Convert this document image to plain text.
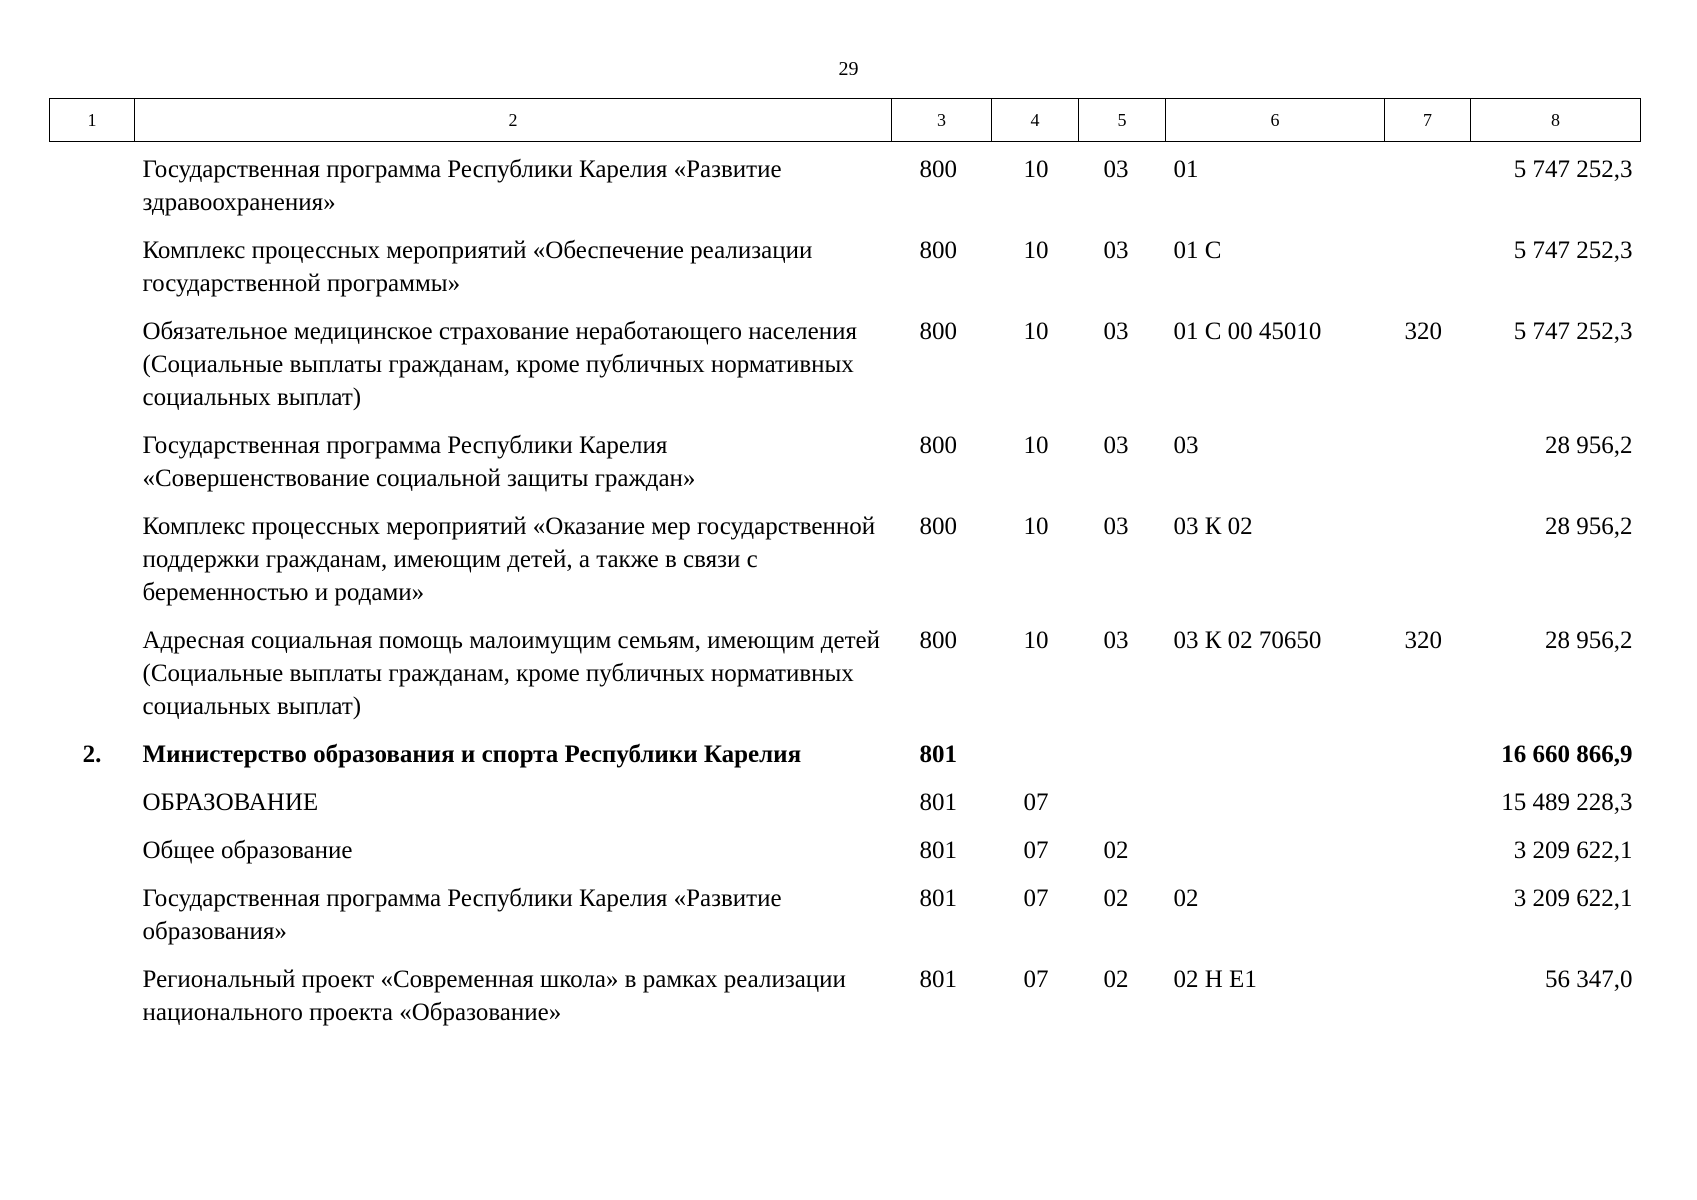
29
1	2	3	4	5	6	7	8
	Государственная программа Республики Карелия «Развитие здравоохранения»	800	10	03	01		5 747 252,3
	Комплекс процессных мероприятий «Обеспечение реализации государственной программы»	800	10	03	01 С		5 747 252,3
	Обязательное медицинское страхование неработающего населения (Социальные выплаты гражданам, кроме публичных нормативных социальных выплат)	800	10	03	01 С 00 45010	320	5 747 252,3
	Государственная программа Республики Карелия «Совершенствование социальной защиты граждан»	800	10	03	03		28 956,2
	Комплекс процессных мероприятий «Оказание мер государственной поддержки гражданам, имеющим детей, а также в связи с беременностью и родами»	800	10	03	03 К 02		28 956,2
	Адресная социальная помощь малоимущим семьям, имеющим детей (Социальные выплаты гражданам, кроме публичных нормативных социальных выплат)	800	10	03	03 К 02 70650	320	28 956,2
2.	Министерство образования и спорта Республики Карелия	801					16 660 866,9
	ОБРАЗОВАНИЕ	801	07				15 489 228,3
	Общее образование	801	07	02			3 209 622,1
	Государственная программа Республики Карелия «Развитие образования»	801	07	02	02		3 209 622,1
	Региональный проект «Современная школа» в рамках реализации национального проекта «Образование»	801	07	02	02 Н Е1		56 347,0
